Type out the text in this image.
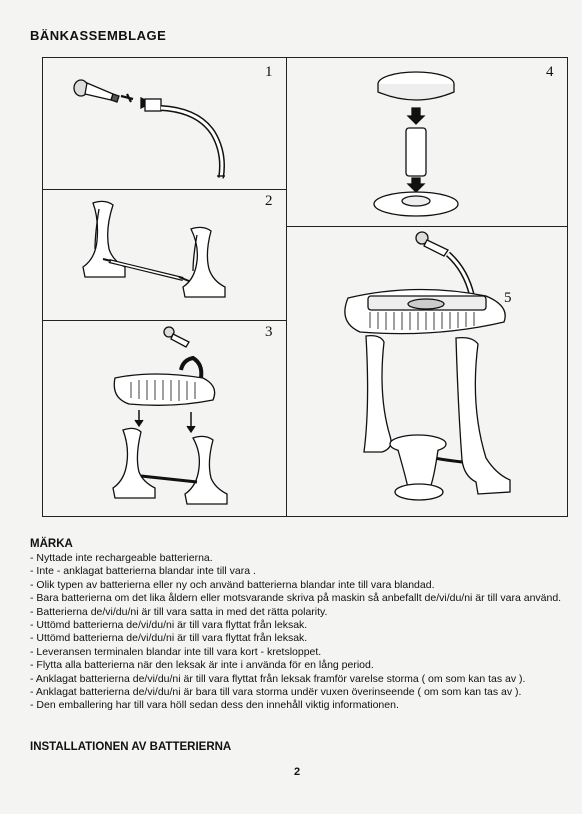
BÄNKASSEMBLAGE
1
2
3
4
5
MÄRKA
- Nyttade inte rechargeable batterierna.
- Inte - anklagat batterierna blandar inte till vara .
- Olik typen av batterierna eller ny och använd batterierna blandar inte till vara blandad.
- Bara batterierna om det lika åldern eller motsvarande skriva på maskin så anbefallt de/vi/du/ni är till vara använd.
- Batterierna de/vi/du/ni är till vara satta in med det rätta polarity.
- Uttömd batterierna de/vi/du/ni är till vara flyttat från leksak.
- Uttömd batterierna de/vi/du/ni är till vara flyttat från leksak.
- Leveransen terminalen blandar inte till vara kort - kretsloppet.
- Flytta alla batterierna när den leksak är inte i använda för en lång period.
- Anklagat batterierna de/vi/du/ni är till vara flyttat från leksak framför varelse storma ( om som kan tas av ).
- Anklagat batterierna de/vi/du/ni är bara till vara storma undër vuxen överinseende ( om som kan tas av ).
- Den emballering har till vara höll sedan dess den innehåll viktig informationen.
INSTALLATIONEN AV BATTERIERNA
2
